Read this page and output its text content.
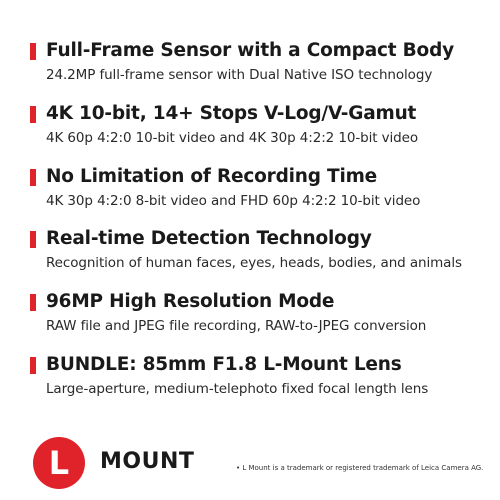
Full-Frame Sensor with a Compact Body
24.2MP full-frame sensor with Dual Native ISO technology
4K 10-bit, 14+ Stops V-Log/V-Gamut
4K 60p 4:2:0 10-bit video and 4K 30p 4:2:2 10-bit video
No Limitation of Recording Time
4K 30p 4:2:0 8-bit video and FHD 60p 4:2:2 10-bit video
Real-time Detection Technology
Recognition of human faces, eyes, heads, bodies, and animals
96MP High Resolution Mode
RAW file and JPEG file recording, RAW-to-JPEG conversion
BUNDLE: 85mm F1.8 L-Mount Lens
Large-aperture, medium-telephoto fixed focal length lens
L MOUNT	• L Mount is a trademark or registered trademark of Leica Camera AG.
